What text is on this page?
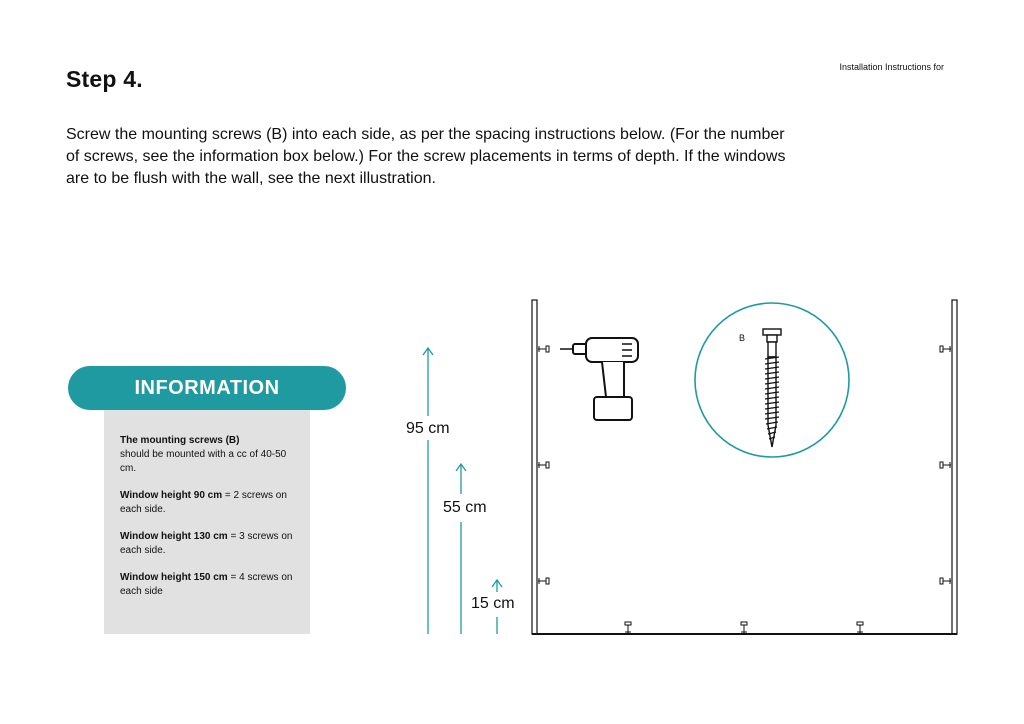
Step 4.	Installation Instructions for

Screw the mounting screws (B) into each side, as per the spacing instructions below. (For the number of screws, see the information box below.) For the screw placements in terms of depth. If the windows are to be flush with the wall, see the next illustration.

INFORMATION

The mounting screws (B)
should be mounted with a cc of 40-50 cm.

Window height 90 cm = 2 screws on each side.

Window height 130 cm = 3 screws on each side.

Window height 150 cm = 4 screws on each side

B
95 cm
55 cm
15 cm
